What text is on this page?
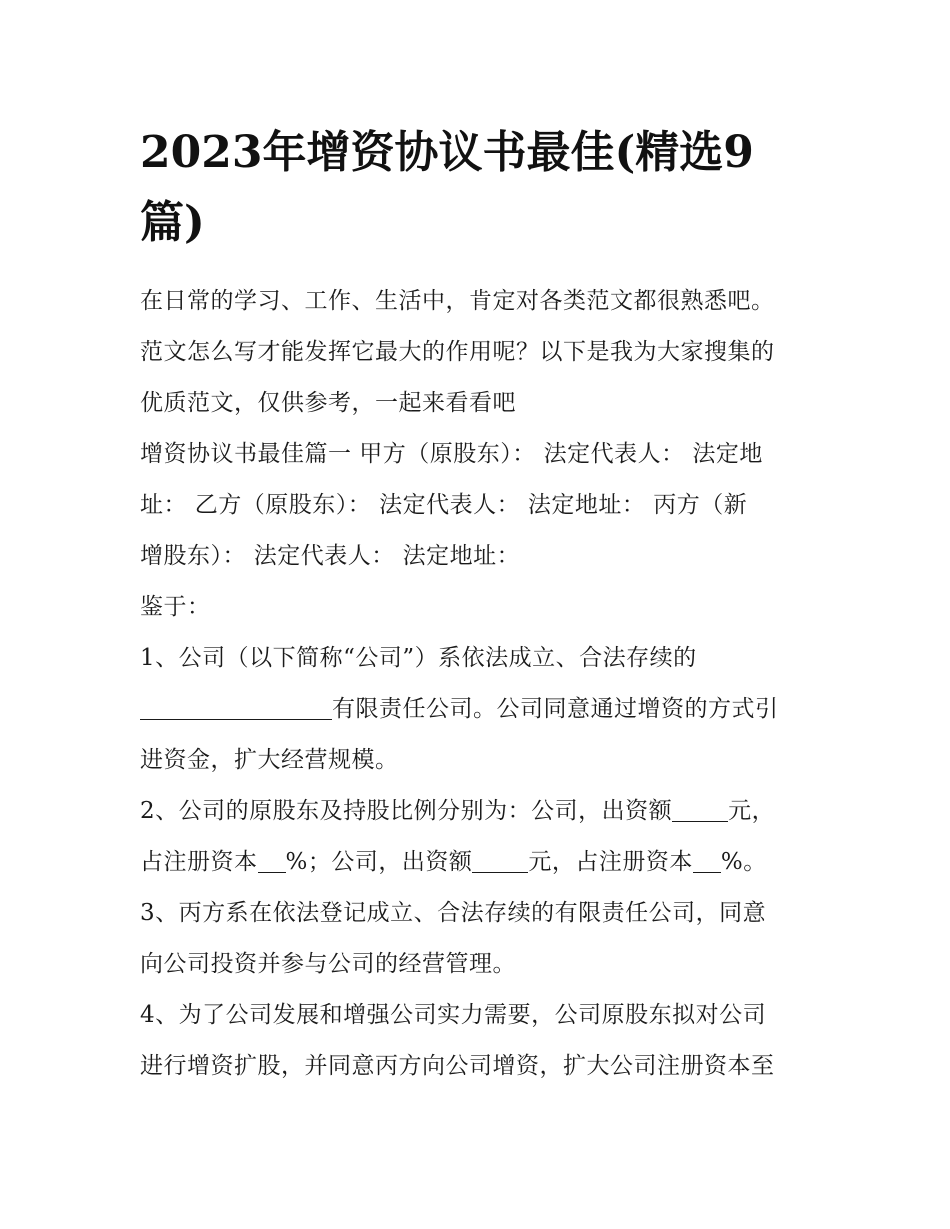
2023年增资协议书最佳(精选9
篇)

在日常的学习、工作、生活中，肯定对各类范文都很熟悉吧。
范文怎么写才能发挥它最大的作用呢？以下是我为大家搜集的
优质范文，仅供参考，一起来看看吧

增资协议书最佳篇一 甲方（原股东）： 法定代表人： 法定地
址： 乙方（原股东）： 法定代表人： 法定地址： 丙方（新
增股东）： 法定代表人： 法定地址：

鉴于：

1、公司（以下简称“公司”）系依法成立、合法存续的
有限责任公司。公司同意通过增资的方式引
进资金，扩大经营规模。

2、公司的原股东及持股比例分别为：公司，出资额 元，
占注册资本 %；公司，出资额 元，占注册资本 %。

3、丙方系在依法登记成立、合法存续的有限责任公司，同意
向公司投资并参与公司的经营管理。

4、为了公司发展和增强公司实力需要，公司原股东拟对公司
进行增资扩股，并同意丙方向公司增资，扩大公司注册资本至
